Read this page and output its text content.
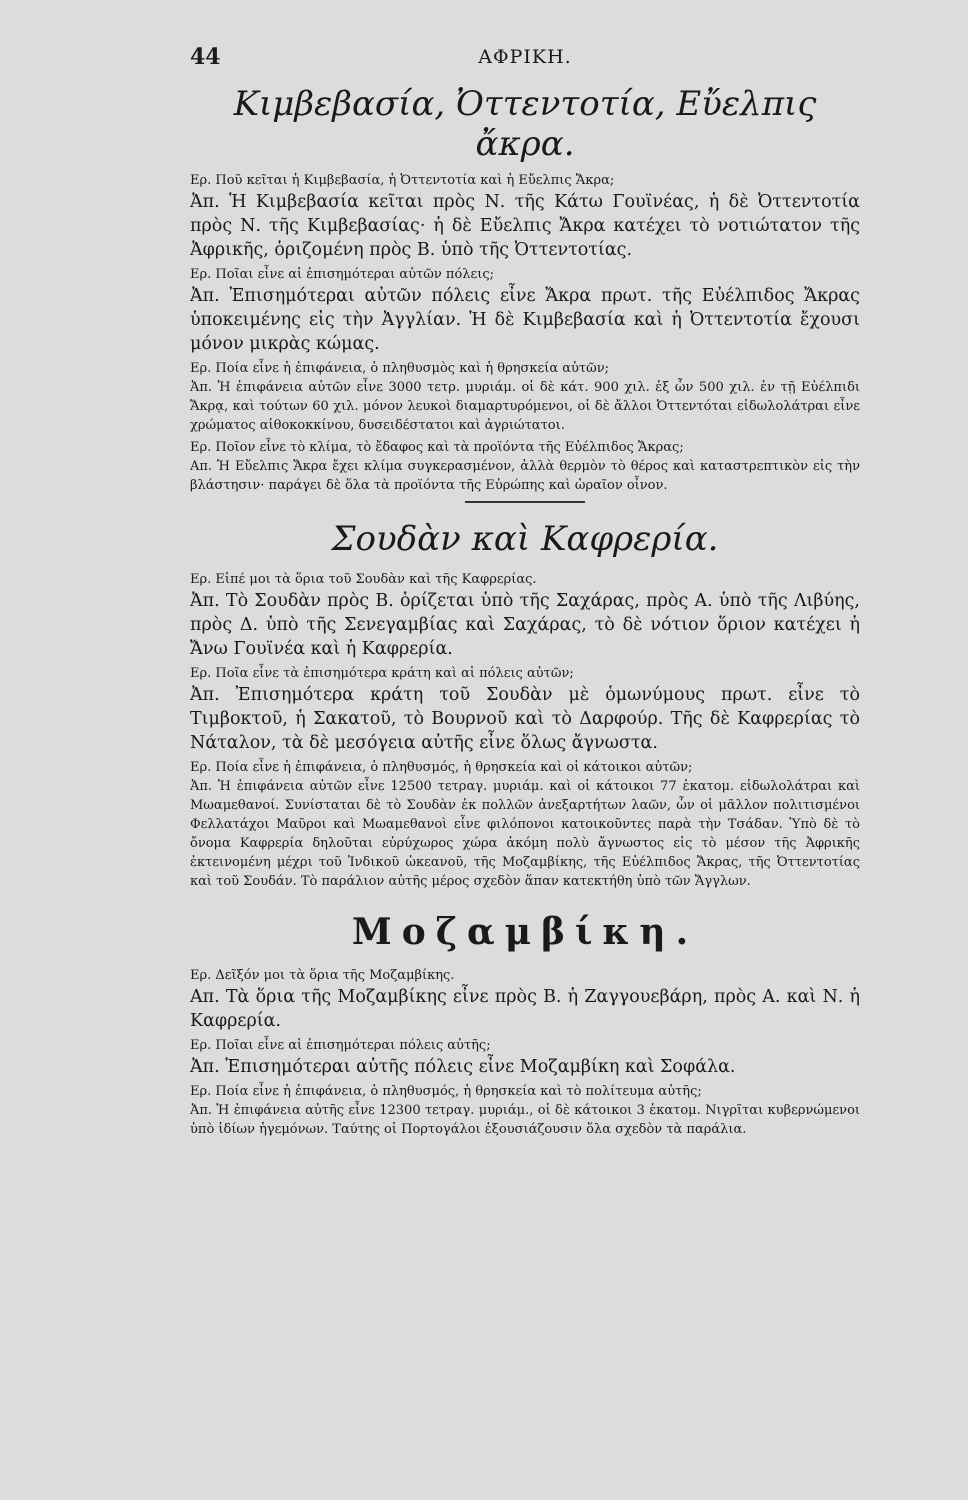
44	ΑΦΡΙΚΗ.
Κιμβεβασία, Ὀττεντοτία, Εὔελπις ἄκρα.

Ερ. Ποῦ κεῖται ἡ Κιμβεβασία, ἡ Ὀττεντοτία καὶ ἡ Εὔελπις Ἄκρα;

Ἀπ. Ἡ Κιμβεβασία κεῖται πρὸς Ν. τῆς Κάτω Γουϊνέας, ἡ δὲ Ὀττεντοτία πρὸς Ν. τῆς Κιμβεβασίας· ἡ δὲ Εὔελπις Ἄκρα κατέχει τὸ νοτιώτατον τῆς Ἀφρικῆς, ὁριζομένη πρὸς Β. ὑπὸ τῆς Ὀττεντοτίας.

Ερ. Ποῖαι εἶνε αἱ ἐπισημότεραι αὐτῶν πόλεις;

Ἀπ. Ἐπισημότεραι αὐτῶν πόλεις εἶνε Ἄκρα πρωτ. τῆς Εὐέλπιδος Ἄκρας ὑποκειμένης εἰς τὴν Ἀγγλίαν. Ἡ δὲ Κιμβεβασία καὶ ἡ Ὀττεντοτία ἔχουσι μόνον μικρὰς κώμας.

Ερ. Ποία εἶνε ἡ ἐπιφάνεια, ὁ πληθυσμὸς καὶ ἡ θρησκεία αὐτῶν;

Ἀπ. Ἡ ἐπιφάνεια αὐτῶν εἶνε 3000 τετρ. μυριάμ. οἱ δὲ κάτ. 900 χιλ. ἐξ ὧν 500 χιλ. ἐν τῇ Εὐέλπιδι Ἄκρᾳ, καὶ τούτων 60 χιλ. μόνον λευκοὶ διαμαρτυρόμενοι, οἱ δὲ ἄλλοι Ὀττεντόται εἰδωλολάτραι εἶνε χρώματος αἰθοκοκκίνου, δυσειδέστατοι καὶ ἀγριώτατοι.

Ερ. Ποῖον εἶνε τὸ κλίμα, τὸ ἔδαφος καὶ τὰ προϊόντα τῆς Εὐέλπιδος Ἄκρας;

Απ. Ἡ Εὔελπις Ἄκρα ἔχει κλίμα συγκερασμένον, ἀλλὰ θερμὸν τὸ θέρος καὶ καταστρεπτικὸν εἰς τὴν βλάστησιν· παράγει δὲ ὅλα τὰ προϊόντα τῆς Εὐρώπης καὶ ὡραῖον οἶνον.

Σουδὰν καὶ Καφρερία.

Ερ. Εἰπέ μοι τὰ ὅρια τοῦ Σουδὰν καὶ τῆς Καφρερίας.

Ἀπ. Τὸ Σουδὰν πρὸς Β. ὁρίζεται ὑπὸ τῆς Σαχάρας, πρὸς Α. ὑπὸ τῆς Λιβύης, πρὸς Δ. ὑπὸ τῆς Σενεγαμβίας καὶ Σαχάρας, τὸ δὲ νότιον ὅριον κατέχει ἡ Ἄνω Γουϊνέα καὶ ἡ Καφρερία.

Ερ. Ποῖα εἶνε τὰ ἐπισημότερα κράτη καὶ αἱ πόλεις αὐτῶν;

Ἀπ. Ἐπισημότερα κράτη τοῦ Σουδὰν μὲ ὁμωνύμους πρωτ. εἶνε τὸ Τιμβοκτοῦ, ἡ Σακατοῦ, τὸ Βουρνοῦ καὶ τὸ Δαρφούρ. Τῆς δὲ Καφρερίας τὸ Νάταλον, τὰ δὲ μεσόγεια αὐτῆς εἶνε ὅλως ἄγνωστα.

Ερ. Ποία εἶνε ἡ ἐπιφάνεια, ὁ πληθυσμός, ἡ θρησκεία καὶ οἱ κάτοικοι αὐτῶν;

Ἀπ. Ἡ ἐπιφάνεια αὐτῶν εἶνε 12500 τετραγ. μυριάμ. καὶ οἱ κάτοικοι 77 ἑκατομ. εἰδωλολάτραι καὶ Μωαμεθανοί. Συνίσταται δὲ τὸ Σουδὰν ἐκ πολλῶν ἀνεξαρτήτων λαῶν, ὧν οἱ μᾶλλον πολιτισμένοι Φελλατάχοι Μαῦροι καὶ Μωαμεθανοὶ εἶνε φιλόπονοι κατοικοῦντες παρὰ τὴν Τσάδαν. Ὑπὸ δὲ τὸ ὄνομα Καφρερία δηλοῦται εὐρύχωρος χώρα ἀκόμη πολὺ ἄγνωστος εἰς τὸ μέσον τῆς Ἀφρικῆς ἐκτεινομένη μέχρι τοῦ Ἰνδικοῦ ὠκεανοῦ, τῆς Μοζαμβίκης, τῆς Εὐέλπιδος Ἄκρας, τῆς Ὀττεντοτίας καὶ τοῦ Σουδάν. Τὸ παράλιον αὐτῆς μέρος σχεδὸν ἅπαν κατεκτήθη ὑπὸ τῶν Ἄγγλων.

Μοζαμβίκη.

Ερ. Δεῖξόν μοι τὰ ὅρια τῆς Μοζαμβίκης.

Απ. Τὰ ὅρια τῆς Μοζαμβίκης εἶνε πρὸς Β. ἡ Ζαγγουεβάρη, πρὸς Α. καὶ Ν. ἡ Καφρερία.

Ερ. Ποῖαι εἶνε αἱ ἐπισημότεραι πόλεις αὐτῆς;

Ἀπ. Ἐπισημότεραι αὐτῆς πόλεις εἶνε Μοζαμβίκη καὶ Σοφάλα.

Ερ. Ποία εἶνε ἡ ἐπιφάνεια, ὁ πληθυσμός, ἡ θρησκεία καὶ τὸ πολίτευμα αὐτῆς;

Ἀπ. Ἡ ἐπιφάνεια αὐτῆς εἶνε 12300 τετραγ. μυριάμ., οἱ δὲ κάτοικοι 3 ἑκατομ. Νιγρῖται κυβερνώμενοι ὑπὸ ἰδίων ἡγεμόνων. Ταύτης οἱ Πορτογάλοι ἐξουσιάζουσιν ὅλα σχεδὸν τὰ παράλια.
